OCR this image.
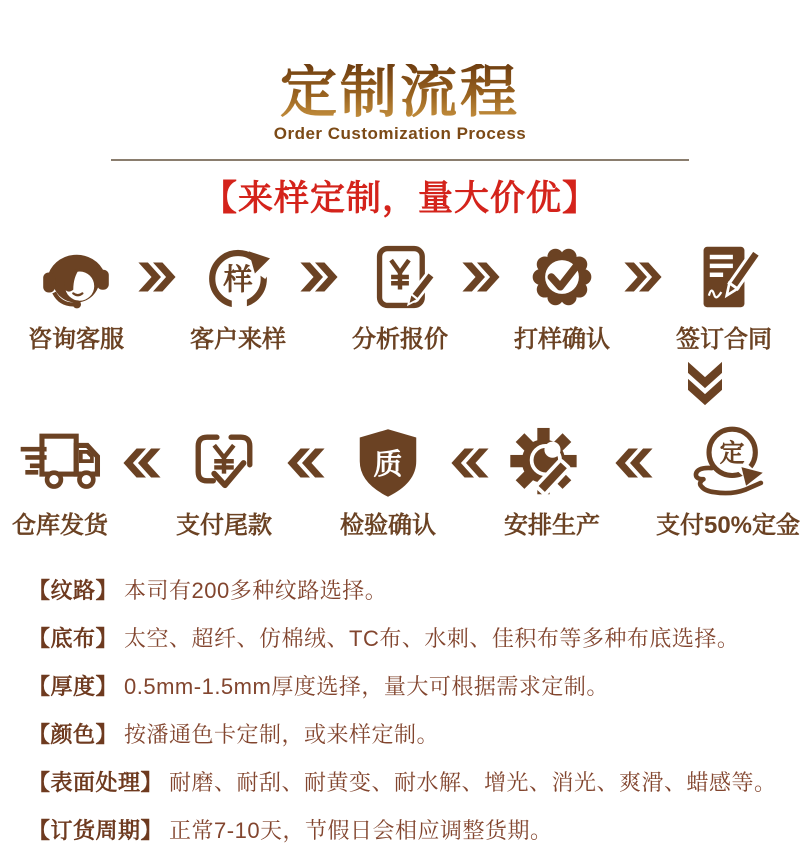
定制流程
Order Customization Process
【来样定制，量大价优】
咨询客服
样
客户来样	分析报价	打样确认	签订合同
仓库发货	支付尾款
质
检验确认	安排生产
定
支付50%定金
【纹路】 本司有200多种纹路选择。
【底布】 太空、超纤、仿棉绒、TC布、水刺、佳积布等多种布底选择。
【厚度】 0.5mm-1.5mm厚度选择，量大可根据需求定制。
【颜色】 按潘通色卡定制，或来样定制。
【表面处理】 耐磨、耐刮、耐黄变、耐水解、增光、消光、爽滑、蜡感等。
【订货周期】 正常7-10天，节假日会相应调整货期。
